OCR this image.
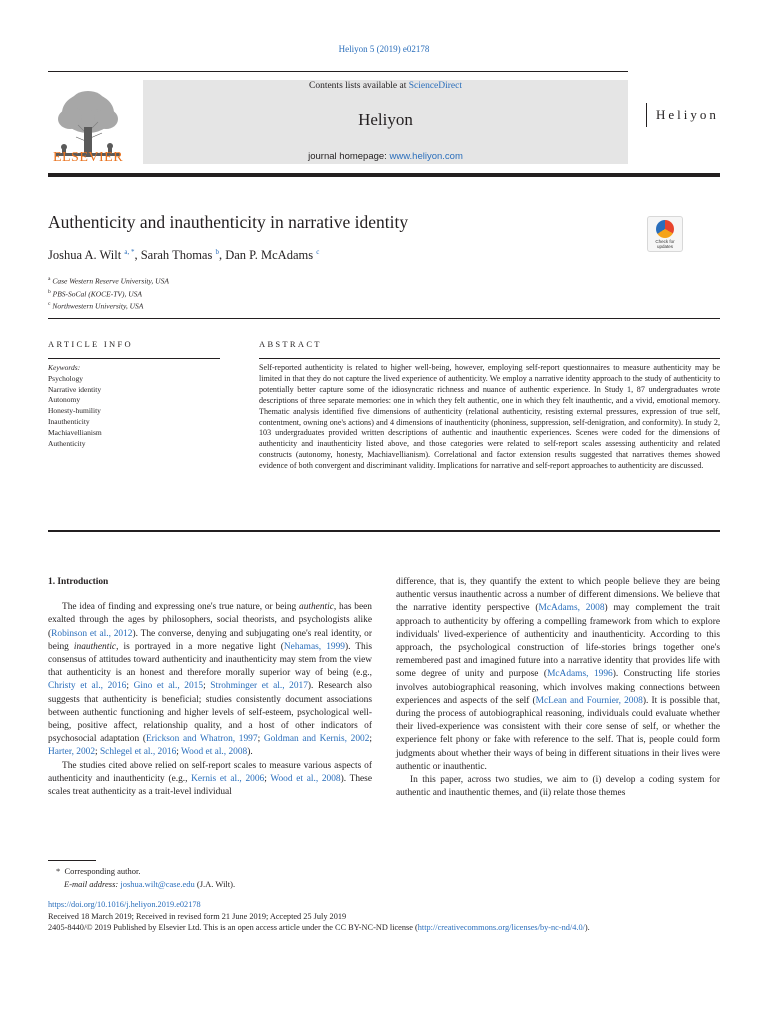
Heliyon 5 (2019) e02178
ELSEVIER
Contents lists available at ScienceDirect
Heliyon
journal homepage: www.heliyon.com
Heliyon
Authenticity and inauthenticity in narrative identity
Check for updates
Joshua A. Wilt $^{a, *}$, Sarah Thomas $^b$, Dan P. McAdams $^c$
$^a$ Case Western Reserve University, USA
$^b$ PBS-SoCal (KOCE-TV), USA
$^c$ Northwestern University, USA
ARTICLE INFO	ABSTRACT
Keywords:
Psychology
Narrative identity
Autonomy
Honesty-humility
Inauthenticity
Machiavellianism
Authenticity
Self-reported authenticity is related to higher well-being, however, employing self-report questionnaires to measure authenticity may be limited in that they do not capture the lived experience of authenticity. We employ a narrative identity approach to the study of authenticity to potentially better capture some of the idiosyncratic richness and nuance of authentic experience. In Study 1, 87 undergraduates wrote descriptions of three separate memories: one in which they felt authentic, one in which they felt inauthentic, and a vivid, emotional memory. Thematic analysis identified five dimensions of authenticity (relational authenticity, resisting external pressures, expression of true self, contentment, owning one's actions) and 4 dimensions of inauthenticity (phoniness, suppression, self-denigration, and conformity). In study 2, 103 undergraduates provided written descriptions of authentic and inauthentic experiences. Scenes were coded for the dimensions of authenticity and inauthenticity listed above, and those categories were related to self-report scales assessing authenticity and related constructs (autonomy, honesty, Machiavellianism). Correlational and factor extension results suggested that narratives themes showed evidence of both convergent and discriminant validity. Implications for narrative and self-report approaches to authenticity are discussed.
1. Introduction

The idea of finding and expressing one's true nature, or being authentic, has been exalted through the ages by philosophers, social theorists, and psychologists alike (Robinson et al., 2012). The converse, denying and subjugating one's real identity, or being inauthentic, is portrayed in a more negative light (Nehamas, 1999). This consensus of attitudes toward authenticity and inauthenticity may stem from the view that authenticity is an honest and therefore morally superior way of being (e.g., Christy et al., 2016; Gino et al., 2015; Strohminger et al., 2017). Research also suggests that authenticity is beneficial; studies consistently document associations between authentic functioning and higher levels of self-esteem, psychological well-being, positive affect, relationship quality, and a host of other indicators of psychosocial adaptation (Erickson and Whatron, 1997; Goldman and Kernis, 2002; Harter, 2002; Schlegel et al., 2016; Wood et al., 2008).

The studies cited above relied on self-report scales to measure various aspects of authenticity and inauthenticity (e.g., Kernis et al., 2006; Wood et al., 2008). These scales treat authenticity as a trait-level individual

difference, that is, they quantify the extent to which people believe they are being authentic versus inauthentic across a number of different dimensions. We believe that the narrative identity perspective (McAdams, 2008) may complement the trait approach to authenticity by offering a compelling framework from which to explore individuals' lived-experience of authenticity and inauthenticity. According to this approach, the psychological construction of life-stories brings together one's remembered past and imagined future into a narrative identity that provides life with some degree of unity and purpose (McAdams, 1996). Constructing life stories involves autobiographical reasoning, which involves making connections between experiences and aspects of the self (McLean and Fournier, 2008). It is possible that, during the process of autobiographical reasoning, individuals could evaluate whether their lived-experience was consistent with their core sense of self, or whether the experience felt phony or fake with reference to the self. That is, people could form judgments about whether their ways of being in different situations in their lives were authentic or inauthentic.

In this paper, across two studies, we aim to (i) develop a coding system for authentic and inauthentic themes, and (ii) relate those themes

* Corresponding author.
E-mail address: joshua.wilt@case.edu (J.A. Wilt).
https://doi.org/10.1016/j.heliyon.2019.e02178
Received 18 March 2019; Received in revised form 21 June 2019; Accepted 25 July 2019
2405-8440/© 2019 Published by Elsevier Ltd. This is an open access article under the CC BY-NC-ND license (http://creativecommons.org/licenses/by-nc-nd/4.0/).
